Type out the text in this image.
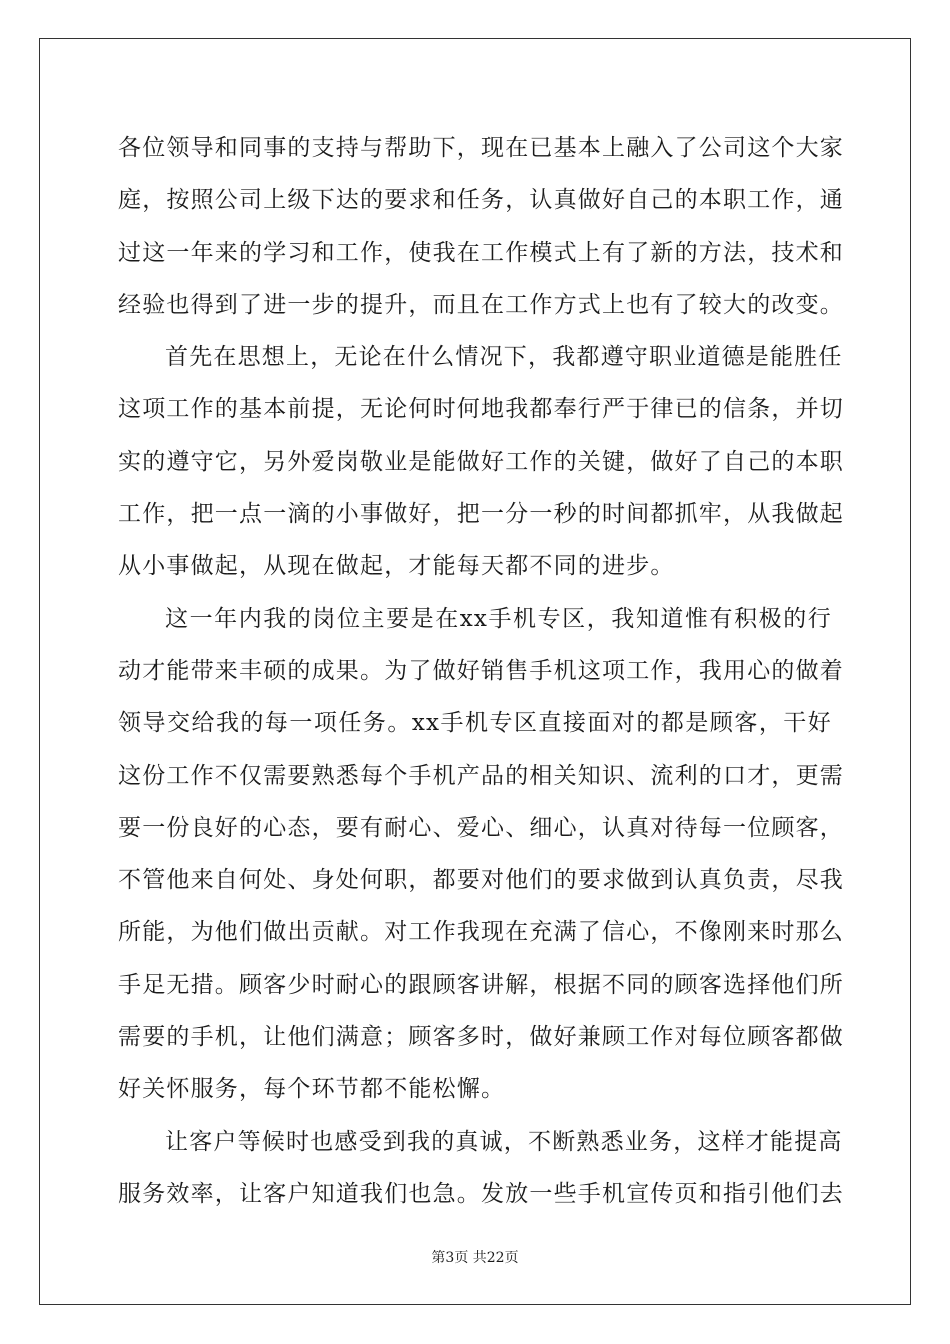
各位领导和同事的支持与帮助下，现在已基本上融入了公司这个大家
庭，按照公司上级下达的要求和任务，认真做好自己的本职工作，通
过这一年来的学习和工作，使我在工作模式上有了新的方法，技术和
经验也得到了进一步的提升，而且在工作方式上也有了较大的改变。
首先在思想上，无论在什么情况下，我都遵守职业道德是能胜任
这项工作的基本前提，无论何时何地我都奉行严于律已的信条，并切
实的遵守它，另外爱岗敬业是能做好工作的关键，做好了自己的本职
工作，把一点一滴的小事做好，把一分一秒的时间都抓牢，从我做起
从小事做起，从现在做起，才能每天都不同的进步。
这一年内我的岗位主要是在xx手机专区，我知道惟有积极的行
动才能带来丰硕的成果。为了做好销售手机这项工作，我用心的做着
领导交给我的每一项任务。xx手机专区直接面对的都是顾客，干好
这份工作不仅需要熟悉每个手机产品的相关知识、流利的口才，更需
要一份良好的心态，要有耐心、爱心、细心，认真对待每一位顾客，
不管他来自何处、身处何职，都要对他们的要求做到认真负责，尽我
所能，为他们做出贡献。对工作我现在充满了信心，不像刚来时那么
手足无措。顾客少时耐心的跟顾客讲解，根据不同的顾客选择他们所
需要的手机，让他们满意；顾客多时，做好兼顾工作对每位顾客都做
好关怀服务，每个环节都不能松懈。
让客户等候时也感受到我的真诚，不断熟悉业务，这样才能提高
服务效率，让客户知道我们也急。发放一些手机宣传页和指引他们去
第3页 共22页
